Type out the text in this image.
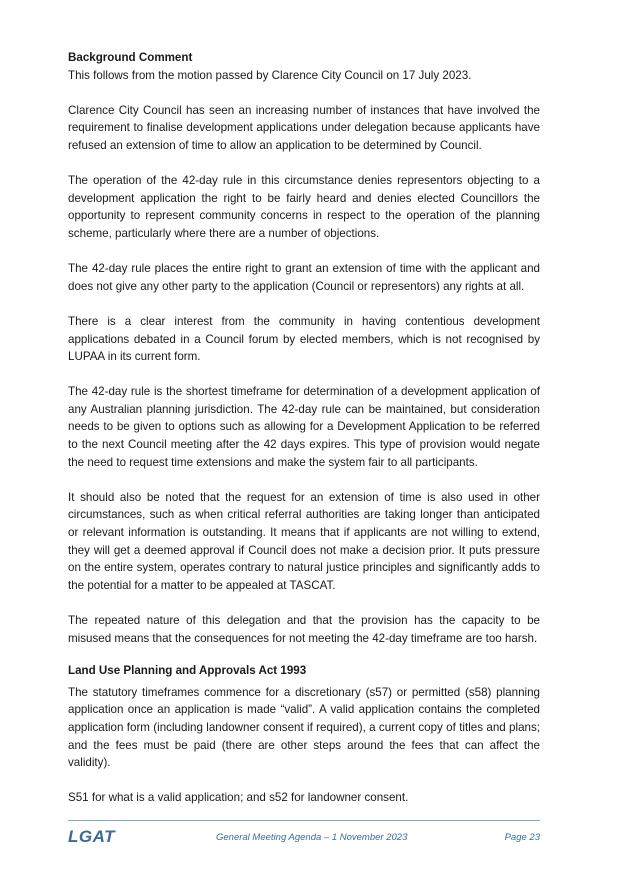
Background Comment

This follows from the motion passed by Clarence City Council on 17 July 2023.

Clarence City Council has seen an increasing number of instances that have involved the requirement to finalise development applications under delegation because applicants have refused an extension of time to allow an application to be determined by Council.

The operation of the 42-day rule in this circumstance denies representors objecting to a development application the right to be fairly heard and denies elected Councillors the opportunity to represent community concerns in respect to the operation of the planning scheme, particularly where there are a number of objections.

The 42-day rule places the entire right to grant an extension of time with the applicant and does not give any other party to the application (Council or representors) any rights at all.

There is a clear interest from the community in having contentious development applications debated in a Council forum by elected members, which is not recognised by LUPAA in its current form.

The 42-day rule is the shortest timeframe for determination of a development application of any Australian planning jurisdiction. The 42-day rule can be maintained, but consideration needs to be given to options such as allowing for a Development Application to be referred to the next Council meeting after the 42 days expires. This type of provision would negate the need to request time extensions and make the system fair to all participants.

It should also be noted that the request for an extension of time is also used in other circumstances, such as when critical referral authorities are taking longer than anticipated or relevant information is outstanding. It means that if applicants are not willing to extend, they will get a deemed approval if Council does not make a decision prior. It puts pressure on the entire system, operates contrary to natural justice principles and significantly adds to the potential for a matter to be appealed at TASCAT.

The repeated nature of this delegation and that the provision has the capacity to be misused means that the consequences for not meeting the 42-day timeframe are too harsh.

Land Use Planning and Approvals Act 1993

The statutory timeframes commence for a discretionary (s57) or permitted (s58) planning application once an application is made “valid”. A valid application contains the completed application form (including landowner consent if required), a current copy of titles and plans; and the fees must be paid (there are other steps around the fees that can affect the validity).

S51 for what is a valid application; and s52 for landowner consent.

LGAT	General Meeting Agenda – 1 November 2023	Page 23
